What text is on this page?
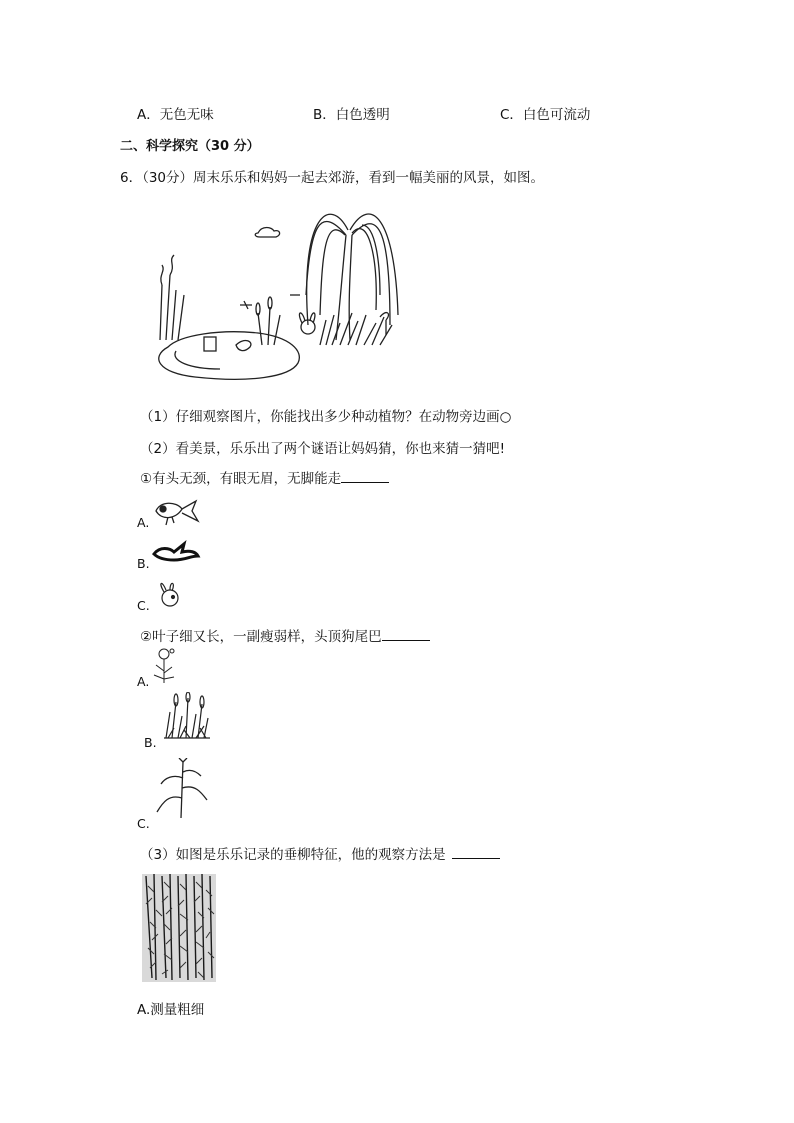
A．无色无味	B．白色透明	C．白色可流动
二、科学探究（30 分）
6．（30分）周末乐乐和妈妈一起去郊游，看到一幅美丽的风景，如图。
（1）仔细观察图片，你能找出多少种动植物？在动物旁边画○
（2）看美景，乐乐出了两个谜语让妈妈猜，你也来猜一猜吧!
①有头无颈，有眼无眉，无脚能走
A.
B.
C.
②叶子细又长，一副瘦弱样，头顶狗尾巴
A.
B.
C.
（3）如图是乐乐记录的垂柳特征，他的观察方法是
A.测量粗细
